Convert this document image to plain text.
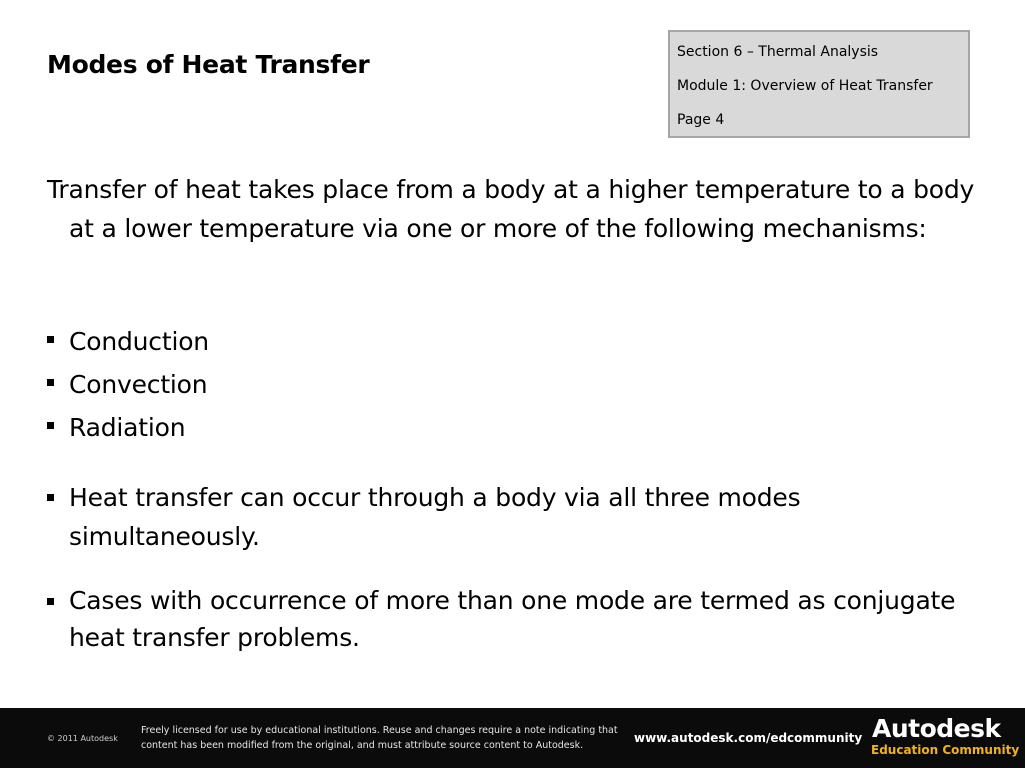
Modes of Heat Transfer	Section 6 – Thermal Analysis
Module 1: Overview of Heat Transfer
Page 4
Transfer of heat takes place from a body at a higher temperature to a body at a lower temperature via one or more of the following mechanisms:
Conduction
Convection
Radiation
Heat transfer can occur through a body via all three modes simultaneously.
Cases with occurrence of more than one mode are termed as conjugate heat transfer problems.
© 2011 Autodesk
Freely licensed for use by educational institutions. Reuse and changes require a note indicating that content has been modified from the original, and must attribute source content to Autodesk.
www.autodesk.com/edcommunity Autodesk
Education Community
